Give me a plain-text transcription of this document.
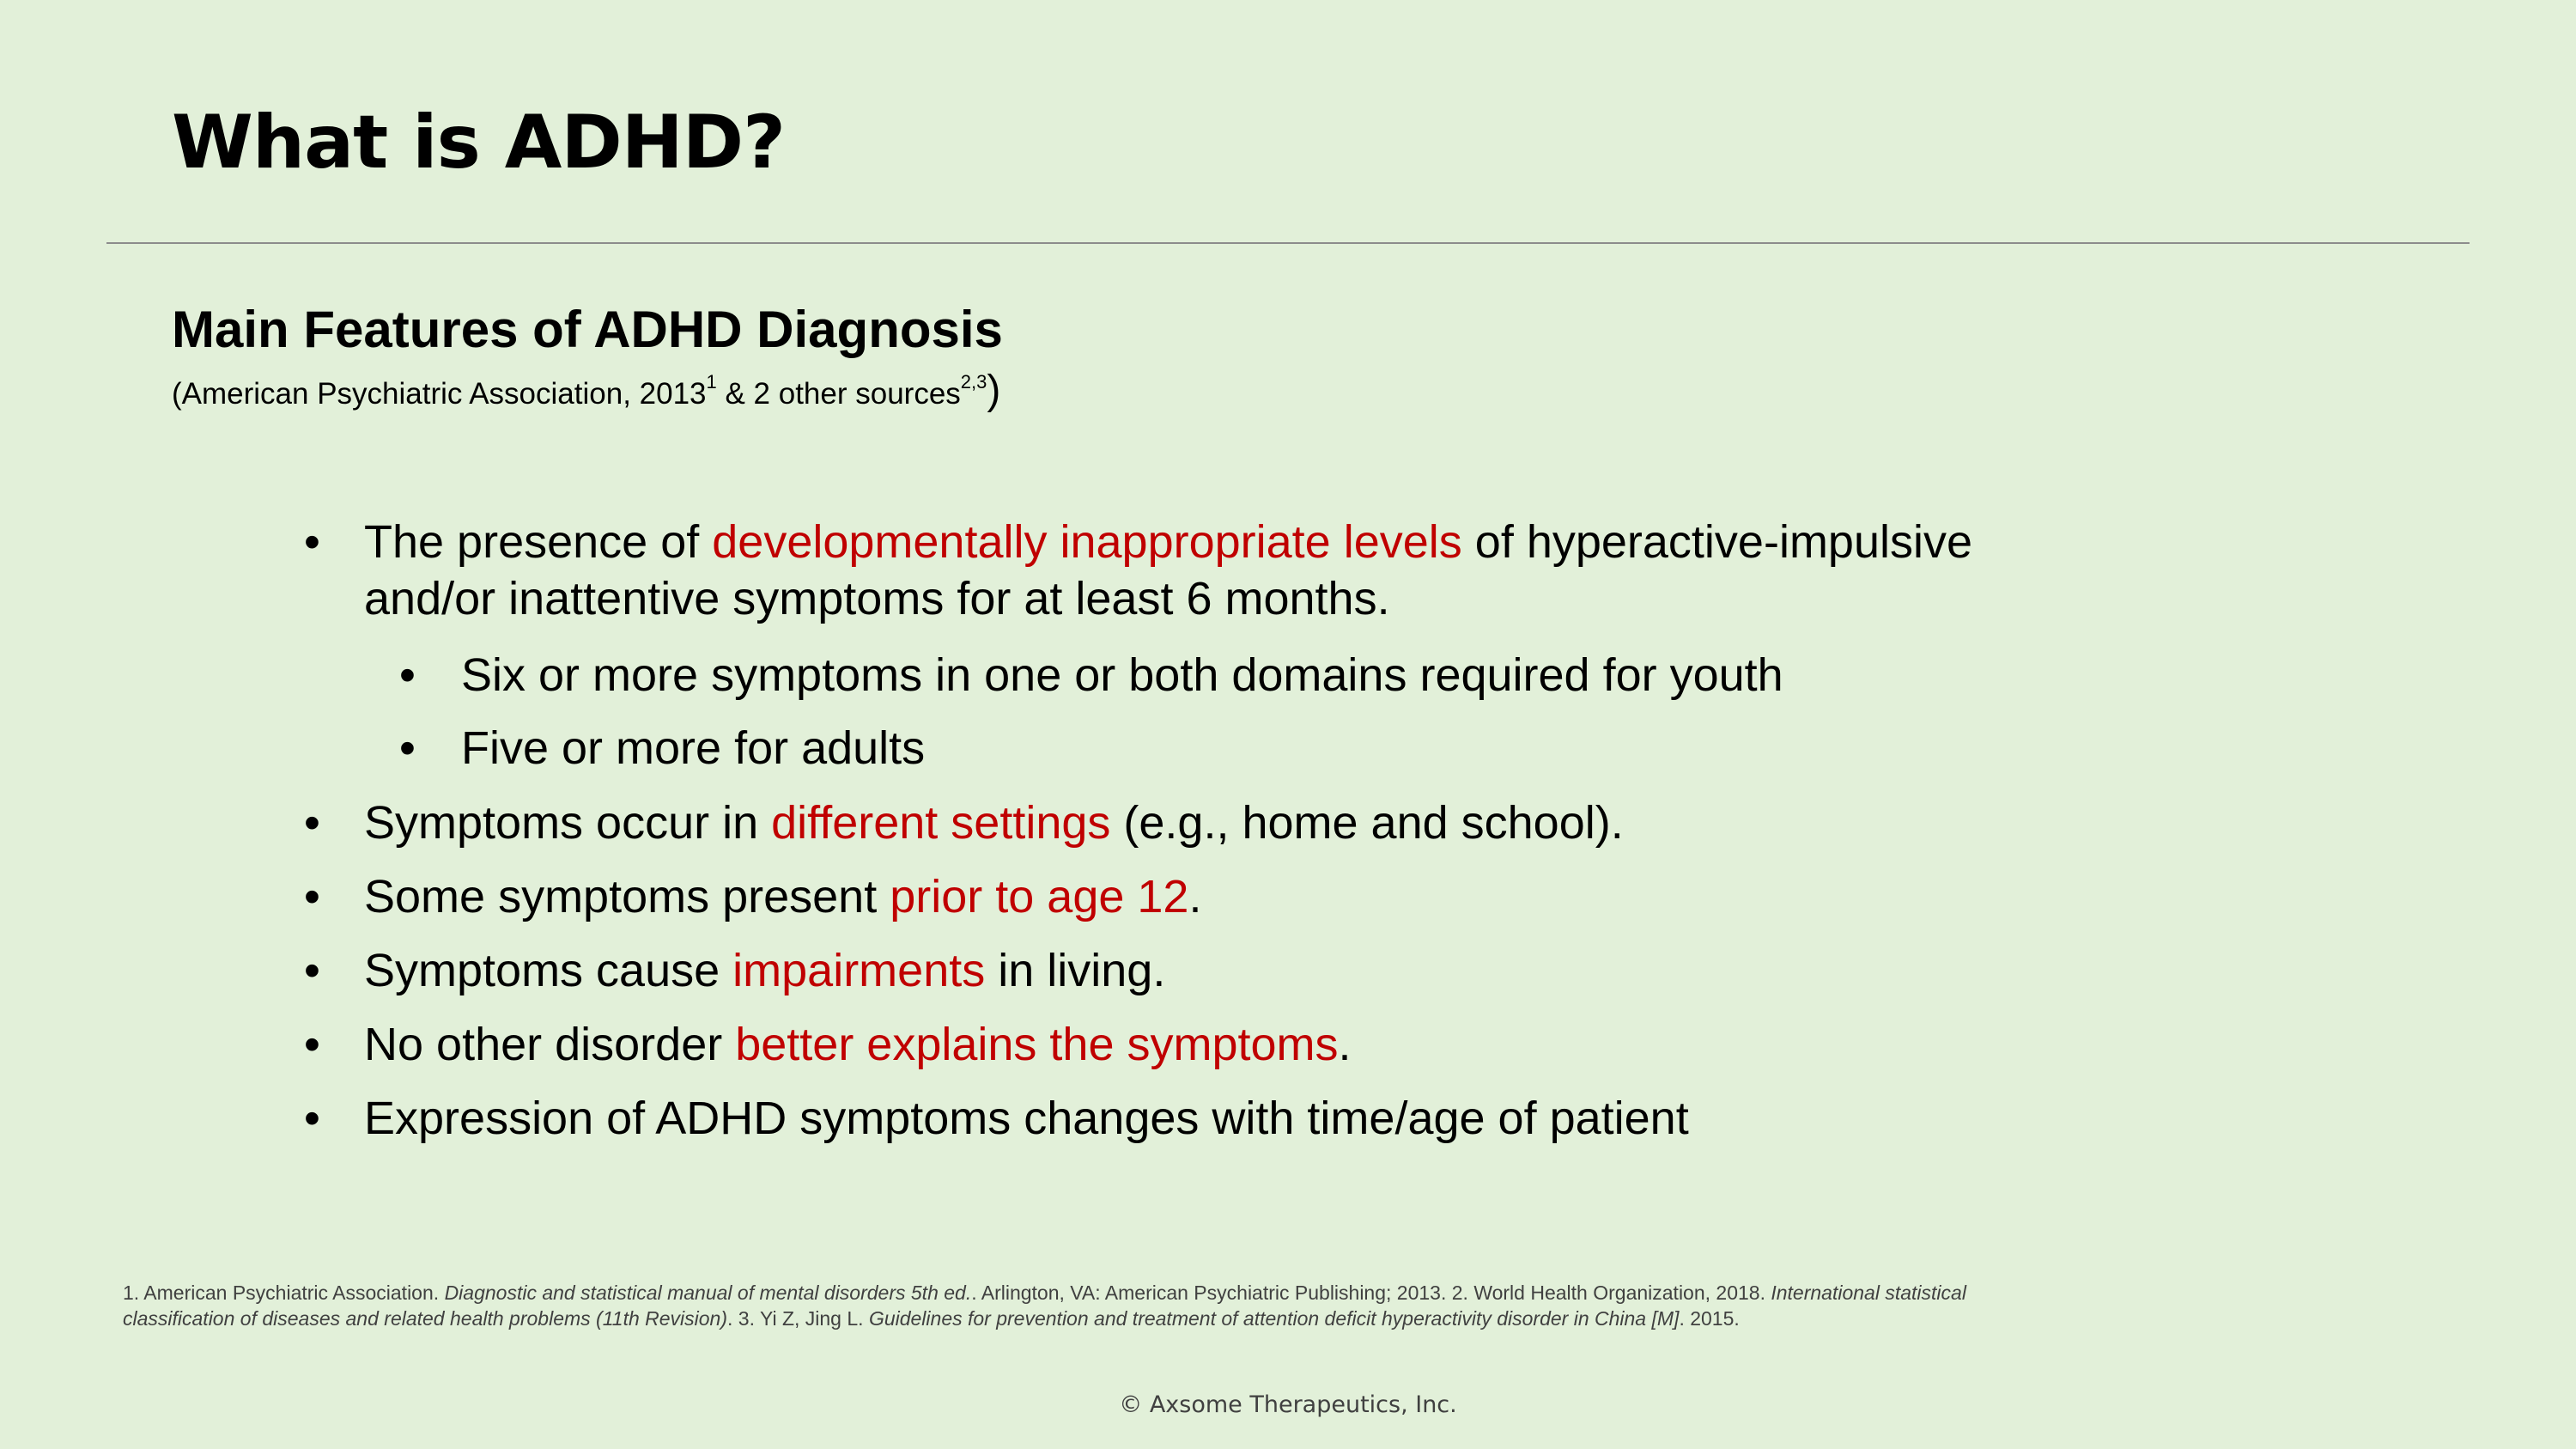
What is ADHD?
Main Features of ADHD Diagnosis
(American Psychiatric Association, 2013$^1$ & 2 other sources$^{2,3}$)
• The presence of developmentally inappropriate levels of hyperactive-impulsive
and/or inattentive symptoms for at least 6 months.
• Six or more symptoms in one or both domains required for youth
• Five or more for adults
• Symptoms occur in different settings (e.g., home and school).
• Some symptoms present prior to age 12.
• Symptoms cause impairments in living.
• No other disorder better explains the symptoms.
• Expression of ADHD symptoms changes with time/age of patient
1. American Psychiatric Association. Diagnostic and statistical manual of mental disorders 5th ed.. Arlington, VA: American Psychiatric Publishing; 2013. 2. World Health Organization, 2018. International statistical classification of diseases and related health problems (11th Revision). 3. Yi Z, Jing L. Guidelines for prevention and treatment of attention deficit hyperactivity disorder in China [M]. 2015.
© Axsome Therapeutics, Inc.
